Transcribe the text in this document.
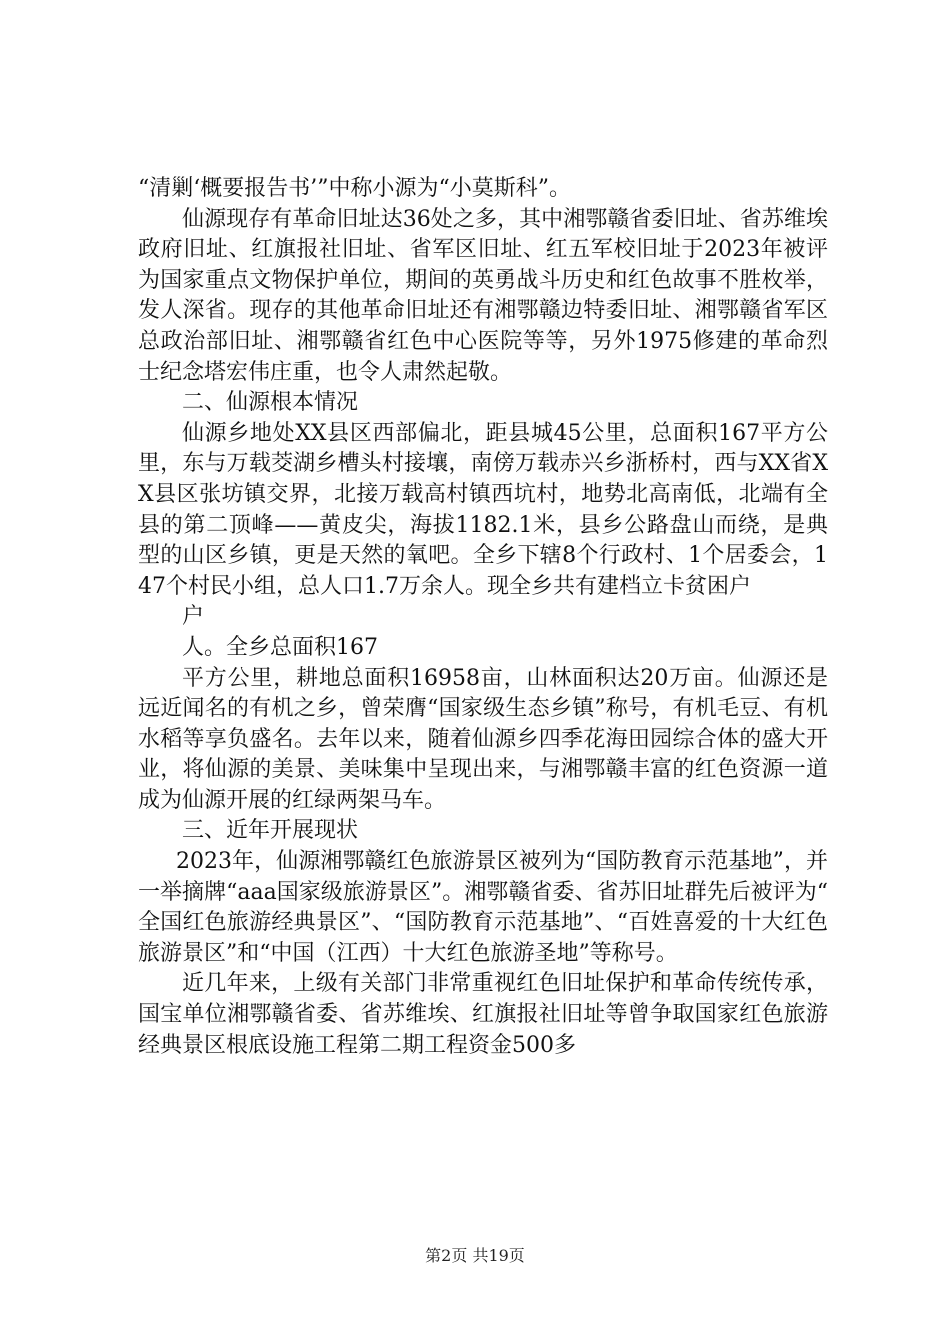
“清剿‘概要报告书’”中称小源为“小莫斯科”。

仙源现存有革命旧址达36处之多，其中湘鄂赣省委旧址、省苏维埃政府旧址、红旗报社旧址、省军区旧址、红五军校旧址于2023年被评为国家重点文物保护单位，期间的英勇战斗历史和红色故事不胜枚举，发人深省。现存的其他革命旧址还有湘鄂赣边特委旧址、湘鄂赣省军区总政治部旧址、湘鄂赣省红色中心医院等等，另外1975修建的革命烈士纪念塔宏伟庄重，也令人肃然起敬。

二、仙源根本情况

仙源乡地处XX县区西部偏北，距县城45公里，总面积167平方公里，东与万载茭湖乡槽头村接壤，南傍万载赤兴乡浙桥村，西与XX省XX县区张坊镇交界，北接万载高村镇西坑村，地势北高南低，北端有全县的第二顶峰——黄皮尖，海拔1182.1米，县乡公路盘山而绕，是典型的山区乡镇，更是天然的氧吧。全乡下辖8个行政村、1个居委会，147个村民小组，总人口1.7万余人。现全乡共有建档立卡贫困户

户

人。全乡总面积167

平方公里，耕地总面积16958亩，山林面积达20万亩。仙源还是远近闻名的有机之乡，曾荣膺“国家级生态乡镇”称号，有机毛豆、有机水稻等享负盛名。去年以来，随着仙源乡四季花海田园综合体的盛大开业，将仙源的美景、美味集中呈现出来，与湘鄂赣丰富的红色资源一道成为仙源开展的红绿两架马车。

三、近年开展现状

2023年，仙源湘鄂赣红色旅游景区被列为“国防教育示范基地”，并一举摘牌“aaa国家级旅游景区”。湘鄂赣省委、省苏旧址群先后被评为“全国红色旅游经典景区”、“国防教育示范基地”、“百姓喜爱的十大红色旅游景区”和“中国（江西）十大红色旅游圣地”等称号。

近几年来，上级有关部门非常重视红色旧址保护和革命传统传承，国宝单位湘鄂赣省委、省苏维埃、红旗报社旧址等曾争取国家红色旅游经典景区根底设施工程第二期工程资金500多

第2页 共19页
